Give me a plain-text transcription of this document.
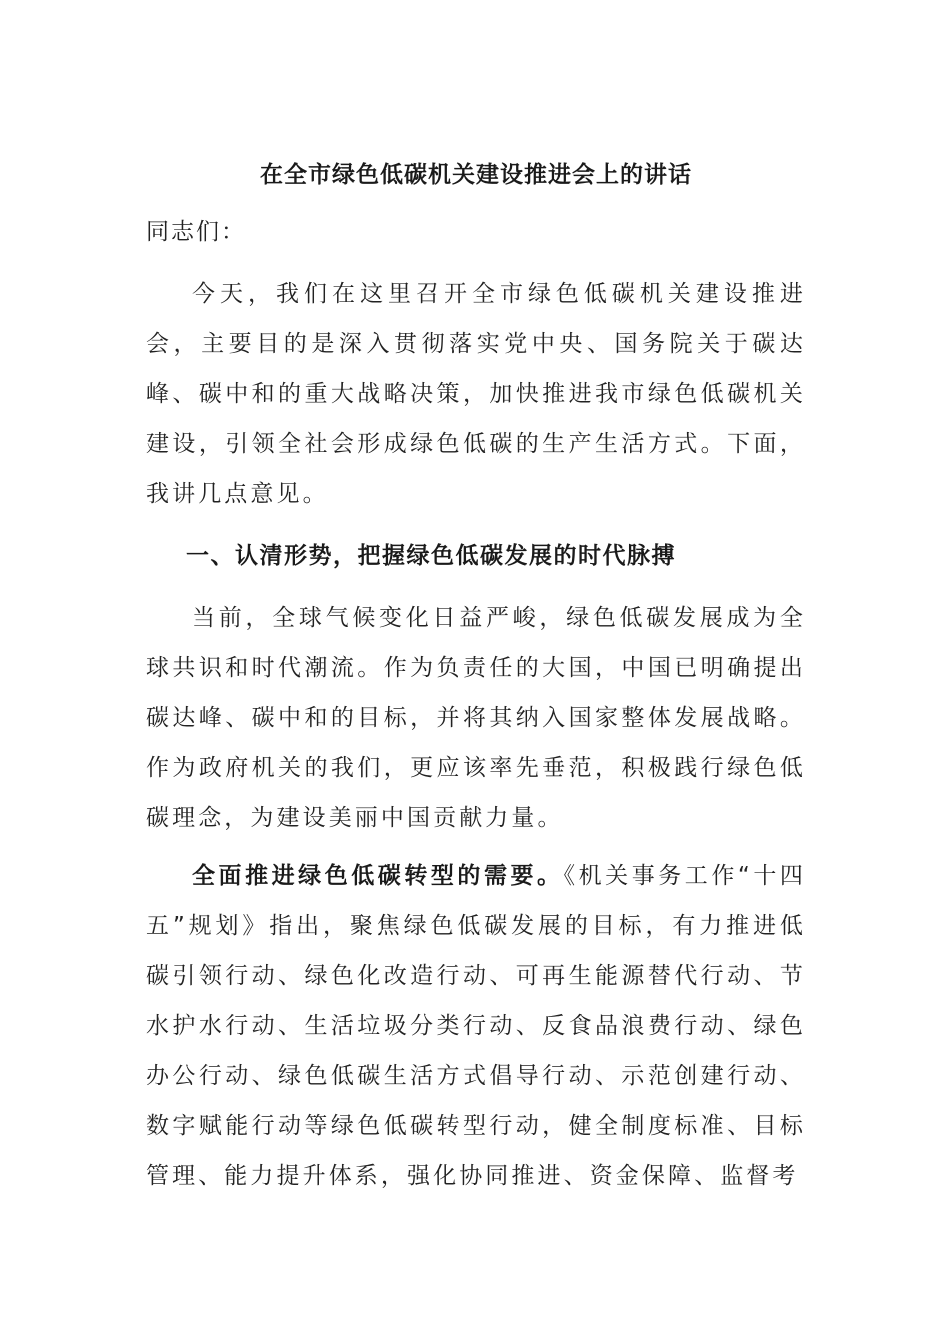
在全市绿色低碳机关建设推进会上的讲话

同志们：

今天，我们在这里召开全市绿色低碳机关建设推进会，主要目的是深入贯彻落实党中央、国务院关于碳达峰、碳中和的重大战略决策，加快推进我市绿色低碳机关建设，引领全社会形成绿色低碳的生产生活方式。下面，我讲几点意见。

一、认清形势，把握绿色低碳发展的时代脉搏

当前，全球气候变化日益严峻，绿色低碳发展成为全球共识和时代潮流。作为负责任的大国，中国已明确提出碳达峰、碳中和的目标，并将其纳入国家整体发展战略。作为政府机关的我们，更应该率先垂范，积极践行绿色低碳理念，为建设美丽中国贡献力量。

全面推进绿色低碳转型的需要。《机关事务工作“十四五”规划》指出，聚焦绿色低碳发展的目标，有力推进低碳引领行动、绿色化改造行动、可再生能源替代行动、节水护水行动、生活垃圾分类行动、反食品浪费行动、绿色办公行动、绿色低碳生活方式倡导行动、示范创建行动、数字赋能行动等绿色低碳转型行动，健全制度标准、目标管理、能力提升体系，强化协同推进、资金保障、监督考
